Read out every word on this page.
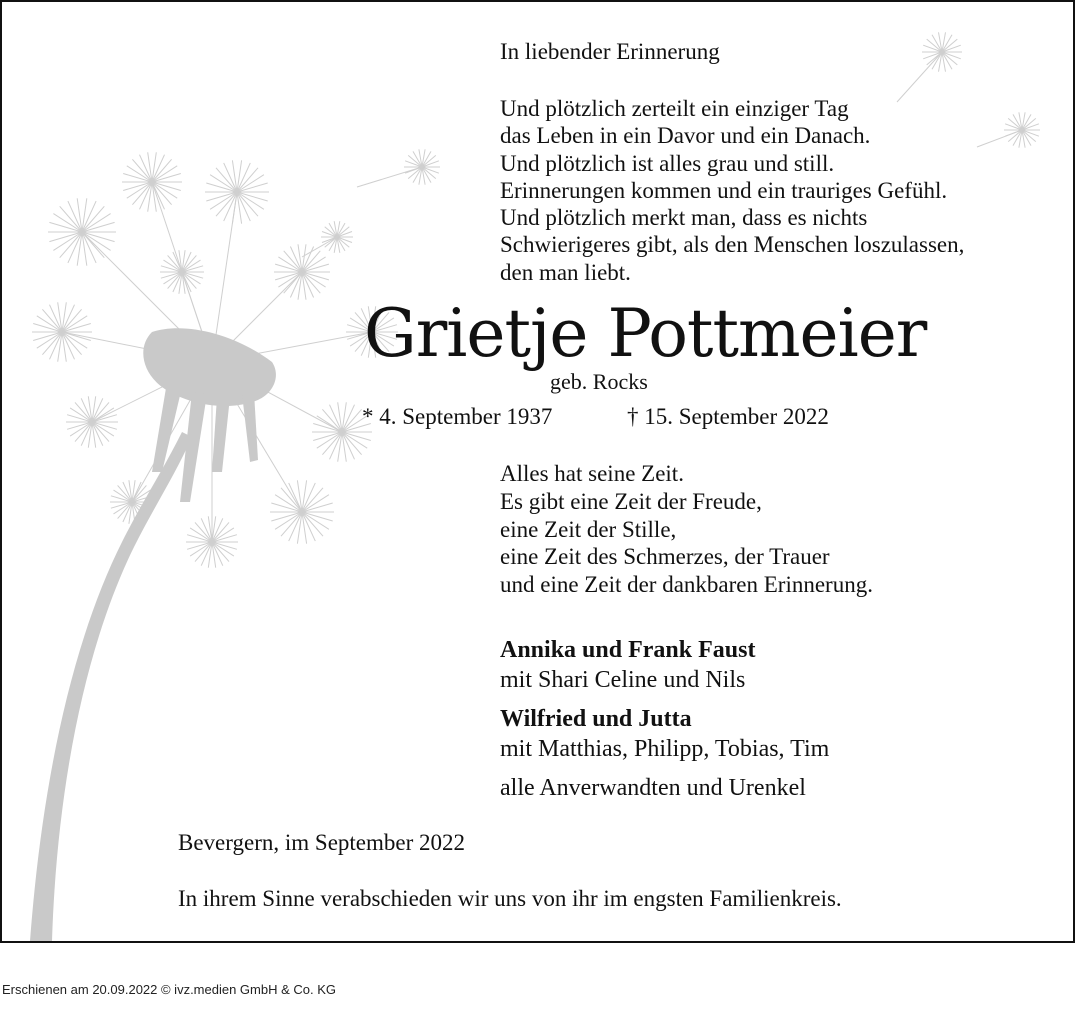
In liebender Erinnerung
Und plötzlich zerteilt ein einziger Tag
das Leben in ein Davor und ein Danach.
Und plötzlich ist alles grau und still.
Erinnerungen kommen und ein trauriges Gefühl.
Und plötzlich merkt man, dass es nichts
Schwierigeres gibt, als den Menschen loszulassen,
den man liebt.
Grietje Pottmeier
geb. Rocks
* 4. September 1937	† 15. September 2022
Alles hat seine Zeit.
Es gibt eine Zeit der Freude,
eine Zeit der Stille,
eine Zeit des Schmerzes, der Trauer
und eine Zeit der dankbaren Erinnerung.
Annika und Frank Faust
mit Shari Celine und Nils
Wilfried und Jutta
mit Matthias, Philipp, Tobias, Tim
alle Anverwandten und Urenkel
Bevergern, im September 2022
In ihrem Sinne verabschieden wir uns von ihr im engsten Familienkreis.
Erschienen am 20.09.2022 © ivz.medien GmbH & Co. KG
